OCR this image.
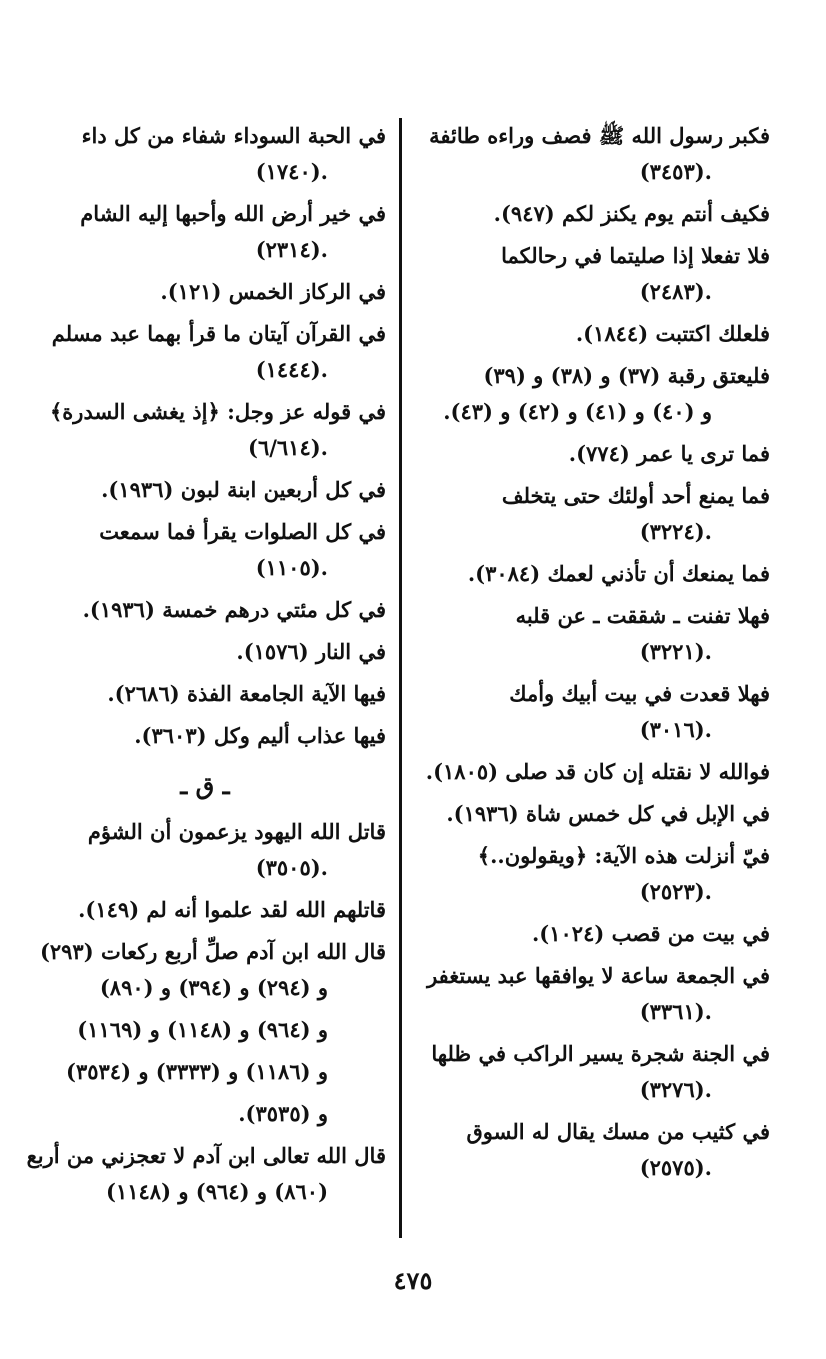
فكبر رسول الله ﷺ فصف وراءه طائفة
.(٣٤٥٣)
فكيف أنتم يوم يكنز لكم (٩٤٧).
فلا تفعلا إذا صليتما في رحالكما
.(٢٤٨٣)
فلعلك اكتتبت (١٨٤٤).
فليعتق رقبة (٣٧) و (٣٨) و (٣٩)
و (٤٠) و (٤١) و (٤٢) و (٤٣).
فما ترى يا عمر (٧٧٤).
فما يمنع أحد أولئك حتى يتخلف
.(٣٢٢٤)
فما يمنعك أن تأذني لعمك (٣٠٨٤).
فهلا تفنت ـ شققت ـ عن قلبه
.(٣٢٢١)
فهلا قعدت في بيت أبيك وأمك
.(٣٠١٦)
فوالله لا نقتله إن كان قد صلى (١٨٠٥).
في الإبل في كل خمس شاة (١٩٣٦).
فيّ أنزلت هذه الآية: ﴿ويقولون..﴾
.(٢٥٢٣)
في بيت من قصب (١٠٢٤).
في الجمعة ساعة لا يوافقها عبد يستغفر
.(٣٣٦١)
في الجنة شجرة يسير الراكب في ظلها
.(٣٢٧٦)
في كثيب من مسك يقال له السوق
.(٢٥٧٥)
في الحبة السوداء شفاء من كل داء
.(١٧٤٠)
في خير أرض الله وأحبها إليه الشام
.(٢٣١٤)
في الركاز الخمس (١٢١).
في القرآن آيتان ما قرأ بهما عبد مسلم
.(١٤٤٤)
في قوله عز وجل: ﴿إذ يغشى السدرة﴾
.(٦/٦١٤)
في كل أربعين ابنة لبون (١٩٣٦).
في كل الصلوات يقرأ فما سمعت
.(١١٠٥)
في كل مئتي درهم خمسة (١٩٣٦).
في النار (١٥٧٦).
فيها الآية الجامعة الفذة (٢٦٨٦).
فيها عذاب أليم وكل (٣٦٠٣).
ـ ق ـ
قاتل الله اليهود يزعمون أن الشؤم
.(٣٥٠٥)
قاتلهم الله لقد علموا أنه لم (١٤٩).
قال الله ابن آدم صلِّ أربع ركعات (٢٩٣)
و (٢٩٤) و (٣٩٤) و (٨٩٠)
و (٩٦٤) و (١١٤٨) و (١١٦٩)
و (١١٨٦) و (٣٣٣٣) و (٣٥٣٤)
و (٣٥٣٥).
قال الله تعالى ابن آدم لا تعجزني من أربع
(٨٦٠) و (٩٦٤) و (١١٤٨)
٤٧٥
